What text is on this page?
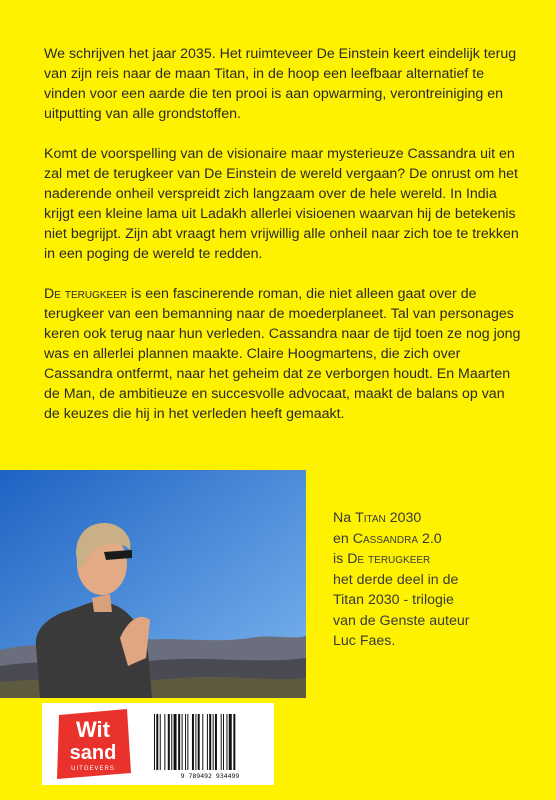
We schrijven het jaar 2035. Het ruimteveer De Einstein keert eindelijk terug van zijn reis naar de maan Titan, in de hoop een leefbaar alternatief te vinden voor een aarde die ten prooi is aan opwarming, verontreiniging en uitputting van alle grondstoffen.

Komt de voorspelling van de visionaire maar mysterieuze Cassandra uit en zal met de terugkeer van De Einstein de wereld vergaan? De onrust om het naderende onheil verspreidt zich langzaam over de hele wereld. In India krijgt een kleine lama uit Ladakh allerlei visioenen waarvan hij de betekenis niet begrijpt. Zijn abt vraagt hem vrijwillig alle onheil naar zich toe te trekken in een poging de wereld te redden.

De terugkeer is een fascinerende roman, die niet alleen gaat over de terugkeer van een bemanning naar de moederplaneet. Tal van personages keren ook terug naar hun verleden. Cassandra naar de tijd toen ze nog jong was en allerlei plannen maakte. Claire Hoogmartens, die zich over Cassandra ontfermt, naar het geheim dat ze verborgen houdt. En Maarten de Man, de ambitieuze en succesvolle advocaat, maakt de balans op van de keuzes die hij in het verleden heeft gemaakt.

Na Titan 2030
en Cassandra 2.0
is De terugkeer
het derde deel in de
Titan 2030 - trilogie
van de Genste auteur
Luc Faes.
Wit
sand
UITGEVERS
9 789492 934499
